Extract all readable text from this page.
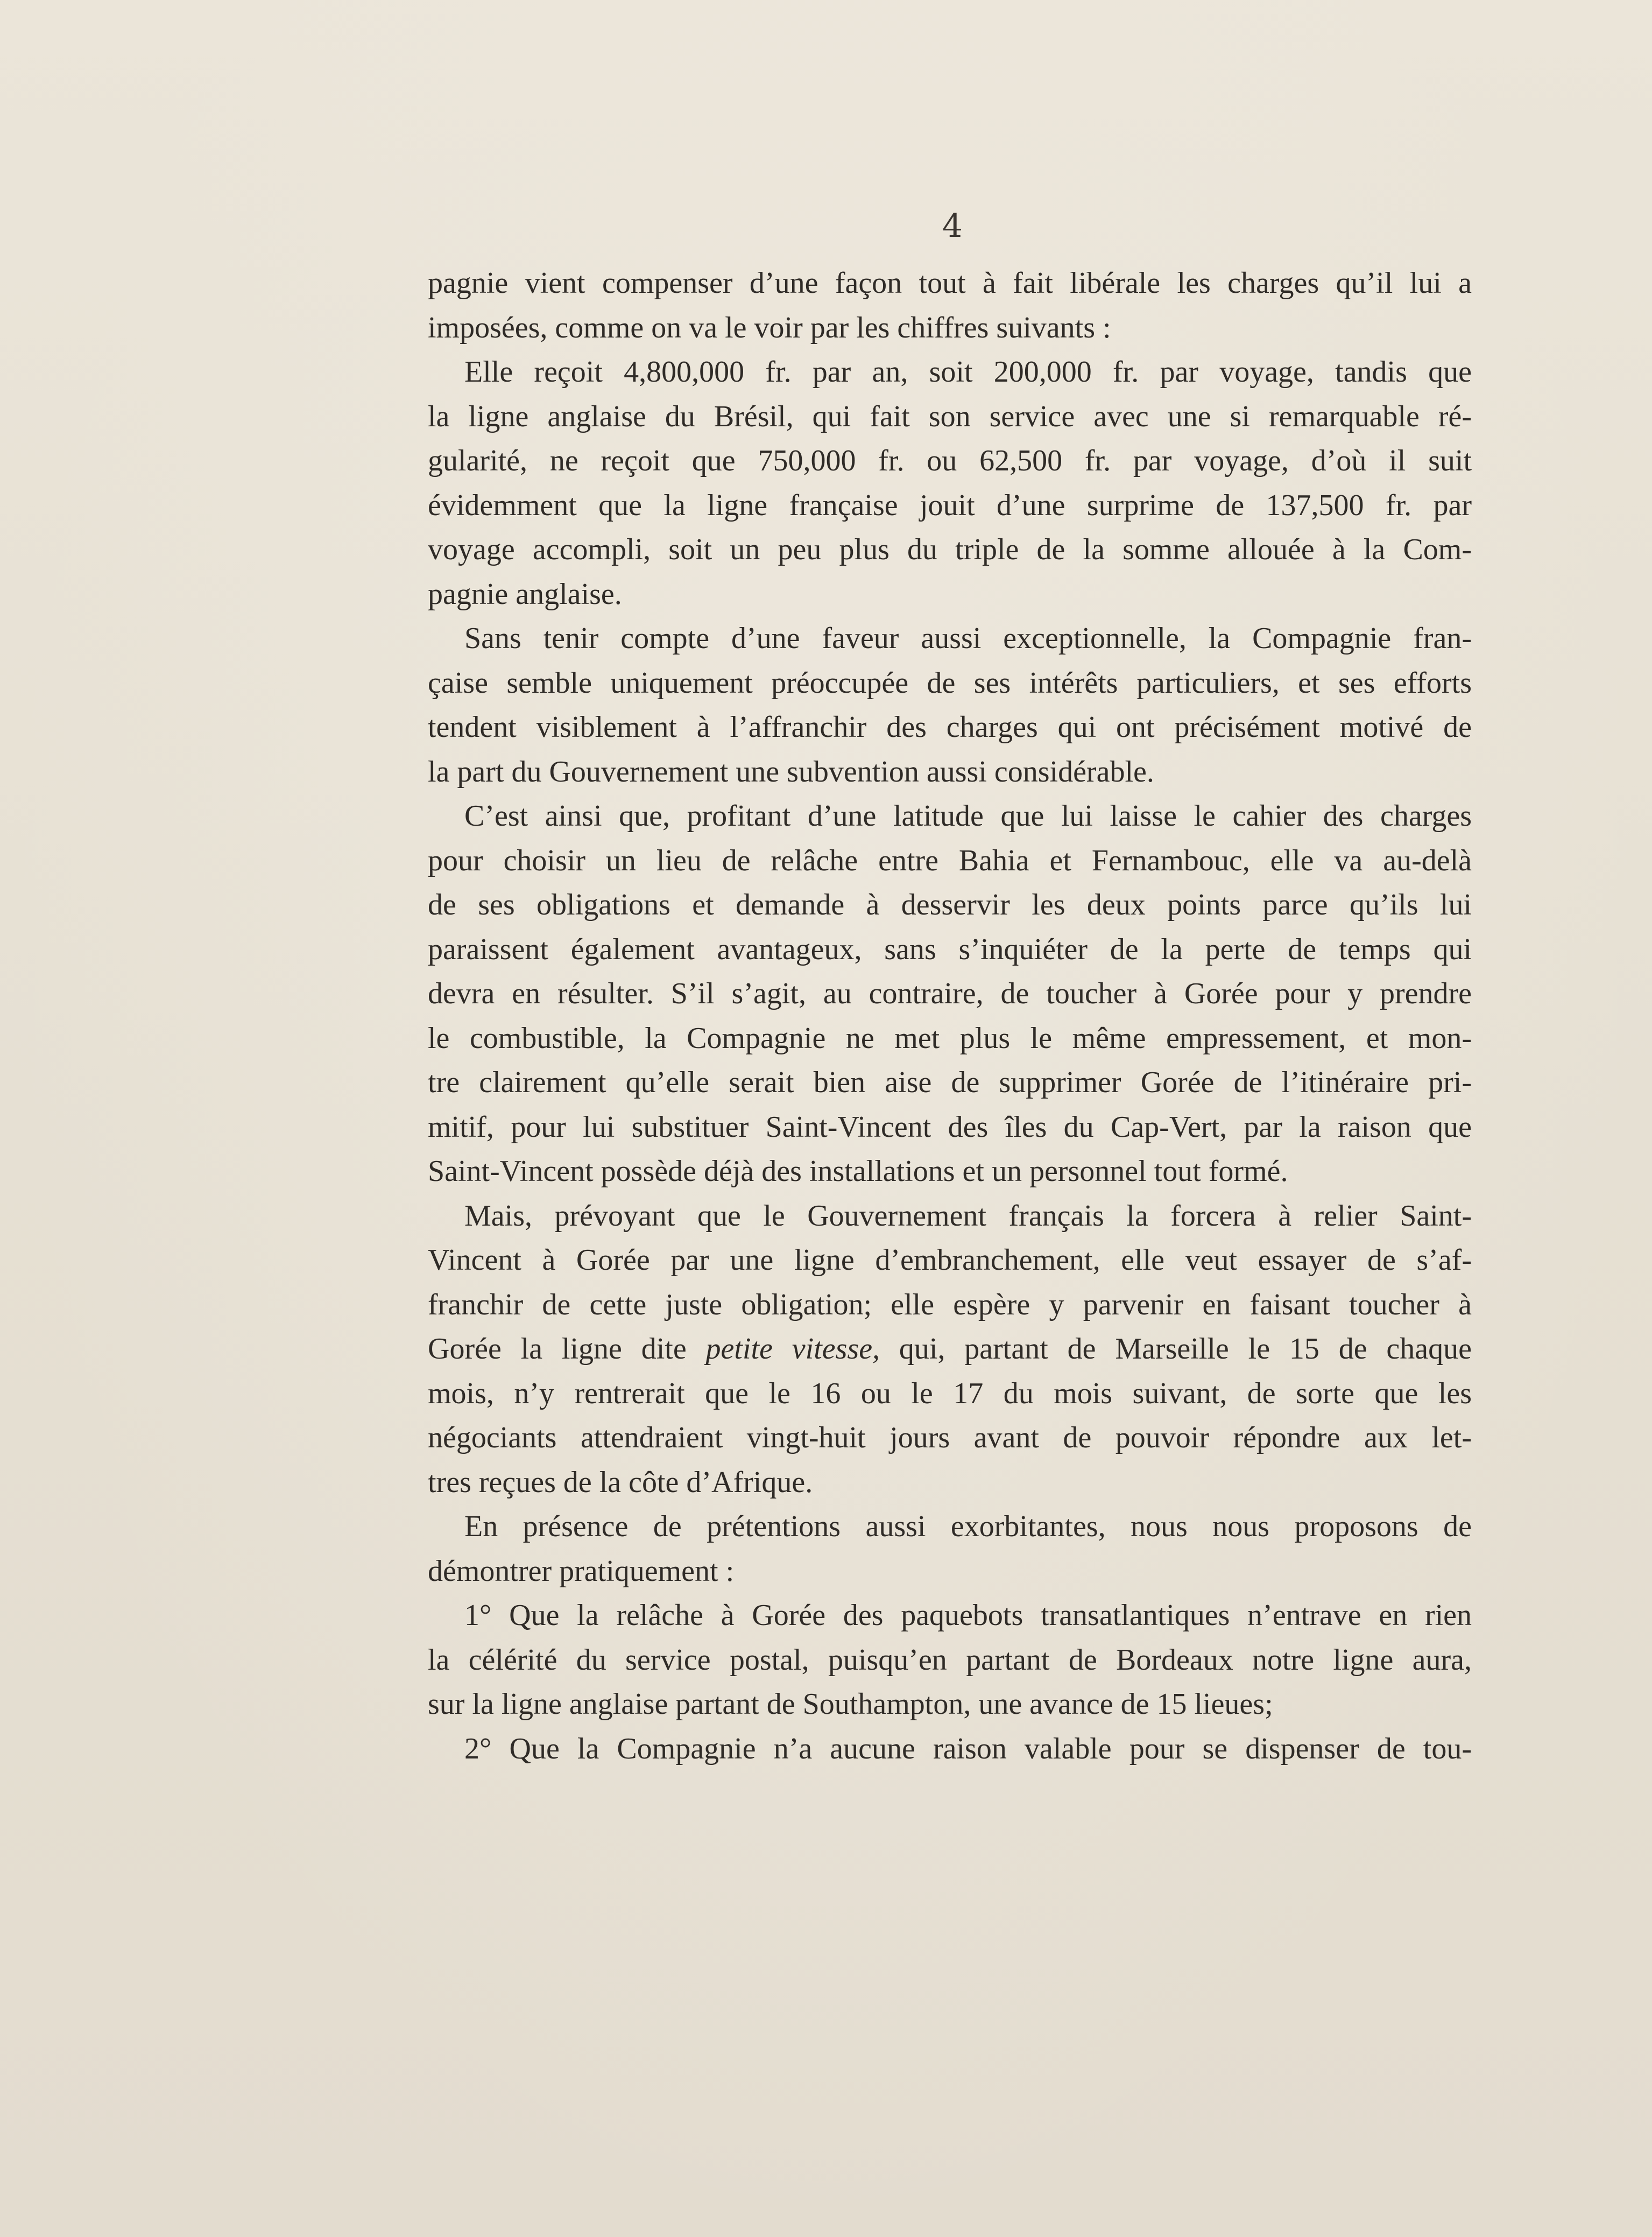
4
pagnie vient compenser d’une façon tout à fait libérale les charges qu’il lui a
imposées, comme on va le voir par les chiffres suivants :
Elle reçoit 4,800,000 fr. par an, soit 200,000 fr. par voyage, tandis que
la ligne anglaise du Brésil, qui fait son service avec une si remarquable ré-
gularité, ne reçoit que 750,000 fr. ou 62,500 fr. par voyage, d’où il suit
évidemment que la ligne française jouit d’une surprime de 137,500 fr. par
voyage accompli, soit un peu plus du triple de la somme allouée à la Com-
pagnie anglaise.
Sans tenir compte d’une faveur aussi exceptionnelle, la Compagnie fran-
çaise semble uniquement préoccupée de ses intérêts particuliers, et ses efforts
tendent visiblement à l’affranchir des charges qui ont précisément motivé de
la part du Gouvernement une subvention aussi considérable.
C’est ainsi que, profitant d’une latitude que lui laisse le cahier des charges
pour choisir un lieu de relâche entre Bahia et Fernambouc, elle va au-delà
de ses obligations et demande à desservir les deux points parce qu’ils lui
paraissent également avantageux, sans s’inquiéter de la perte de temps qui
devra en résulter. S’il s’agit, au contraire, de toucher à Gorée pour y prendre
le combustible, la Compagnie ne met plus le même empressement, et mon-
tre clairement qu’elle serait bien aise de supprimer Gorée de l’itinéraire pri-
mitif, pour lui substituer Saint-Vincent des îles du Cap-Vert, par la raison que
Saint-Vincent possède déjà des installations et un personnel tout formé.
Mais, prévoyant que le Gouvernement français la forcera à relier Saint-
Vincent à Gorée par une ligne d’embranchement, elle veut essayer de s’af-
franchir de cette juste obligation; elle espère y parvenir en faisant toucher à
Gorée la ligne dite petite vitesse, qui, partant de Marseille le 15 de chaque
mois, n’y rentrerait que le 16 ou le 17 du mois suivant, de sorte que les
négociants attendraient vingt-huit jours avant de pouvoir répondre aux let-
tres reçues de la côte d’Afrique.
En présence de prétentions aussi exorbitantes, nous nous proposons de
démontrer pratiquement :
1° Que la relâche à Gorée des paquebots transatlantiques n’entrave en rien
la célérité du service postal, puisqu’en partant de Bordeaux notre ligne aura,
sur la ligne anglaise partant de Southampton, une avance de 15 lieues;
2° Que la Compagnie n’a aucune raison valable pour se dispenser de tou-
